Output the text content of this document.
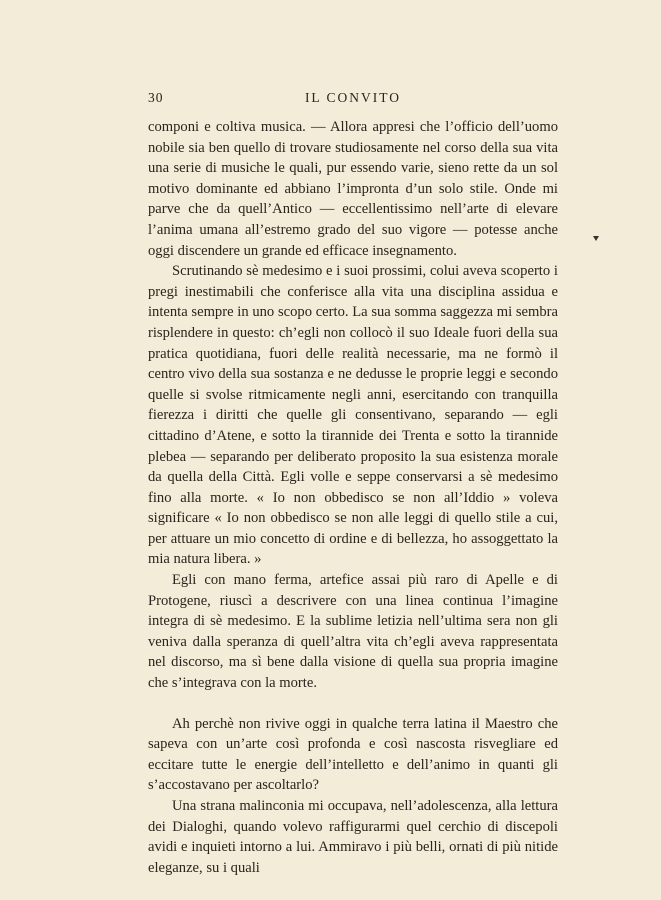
30	IL CONVITO

componi e coltiva musica. — Allora appresi che l’officio dell’uomo nobile sia ben quello di trovare studiosamente nel corso della sua vita una serie di musiche le quali, pur essendo varie, sieno rette da un sol motivo dominante ed abbiano l’impronta d’un solo stile. Onde mi parve che da quell’Antico — eccellentissimo nell’arte di elevare l’anima umana all’estremo grado del suo vigore — potesse anche oggi discendere un grande ed efficace insegnamento.

Scrutinando sè medesimo e i suoi prossimi, colui aveva scoperto i pregi inestimabili che conferisce alla vita una disciplina assidua e intenta sempre in uno scopo certo. La sua somma saggezza mi sembra risplendere in questo: ch’egli non collocò il suo Ideale fuori della sua pratica quotidiana, fuori delle realità necessarie, ma ne formò il centro vivo della sua sostanza e ne dedusse le proprie leggi e secondo quelle si svolse ritmicamente negli anni, esercitando con tranquilla fierezza i diritti che quelle gli consentivano, separando — egli cittadino d’Atene, e sotto la tirannide dei Trenta e sotto la tirannide plebea — separando per deliberato proposito la sua esistenza morale da quella della Città. Egli volle e seppe conservarsi a sè medesimo fino alla morte. « Io non obbedisco se non all’Iddio » voleva significare « Io non obbedisco se non alle leggi di quello stile a cui, per attuare un mio concetto di ordine e di bellezza, ho assoggettato la mia natura libera. »

Egli con mano ferma, artefice assai più raro di Apelle e di Protogene, riuscì a descrivere con una linea continua l’imagine integra di sè medesimo. E la sublime letizia nell’ultima sera non gli veniva dalla speranza di quell’altra vita ch’egli aveva rappresentata nel discorso, ma sì bene dalla visione di quella sua propria imagine che s’integrava con la morte.

Ah perchè non rivive oggi in qualche terra latina il Maestro che sapeva con un’arte così profonda e così nascosta risvegliare ed eccitare tutte le energie dell’intelletto e dell’animo in quanti gli s’accostavano per ascoltarlo?

Una strana malinconia mi occupava, nell’adolescenza, alla lettura dei Dialoghi, quando volevo raffigurarmi quel cerchio di discepoli avidi e inquieti intorno a lui. Ammiravo i più belli, ornati di più nitide eleganze, su i quali
